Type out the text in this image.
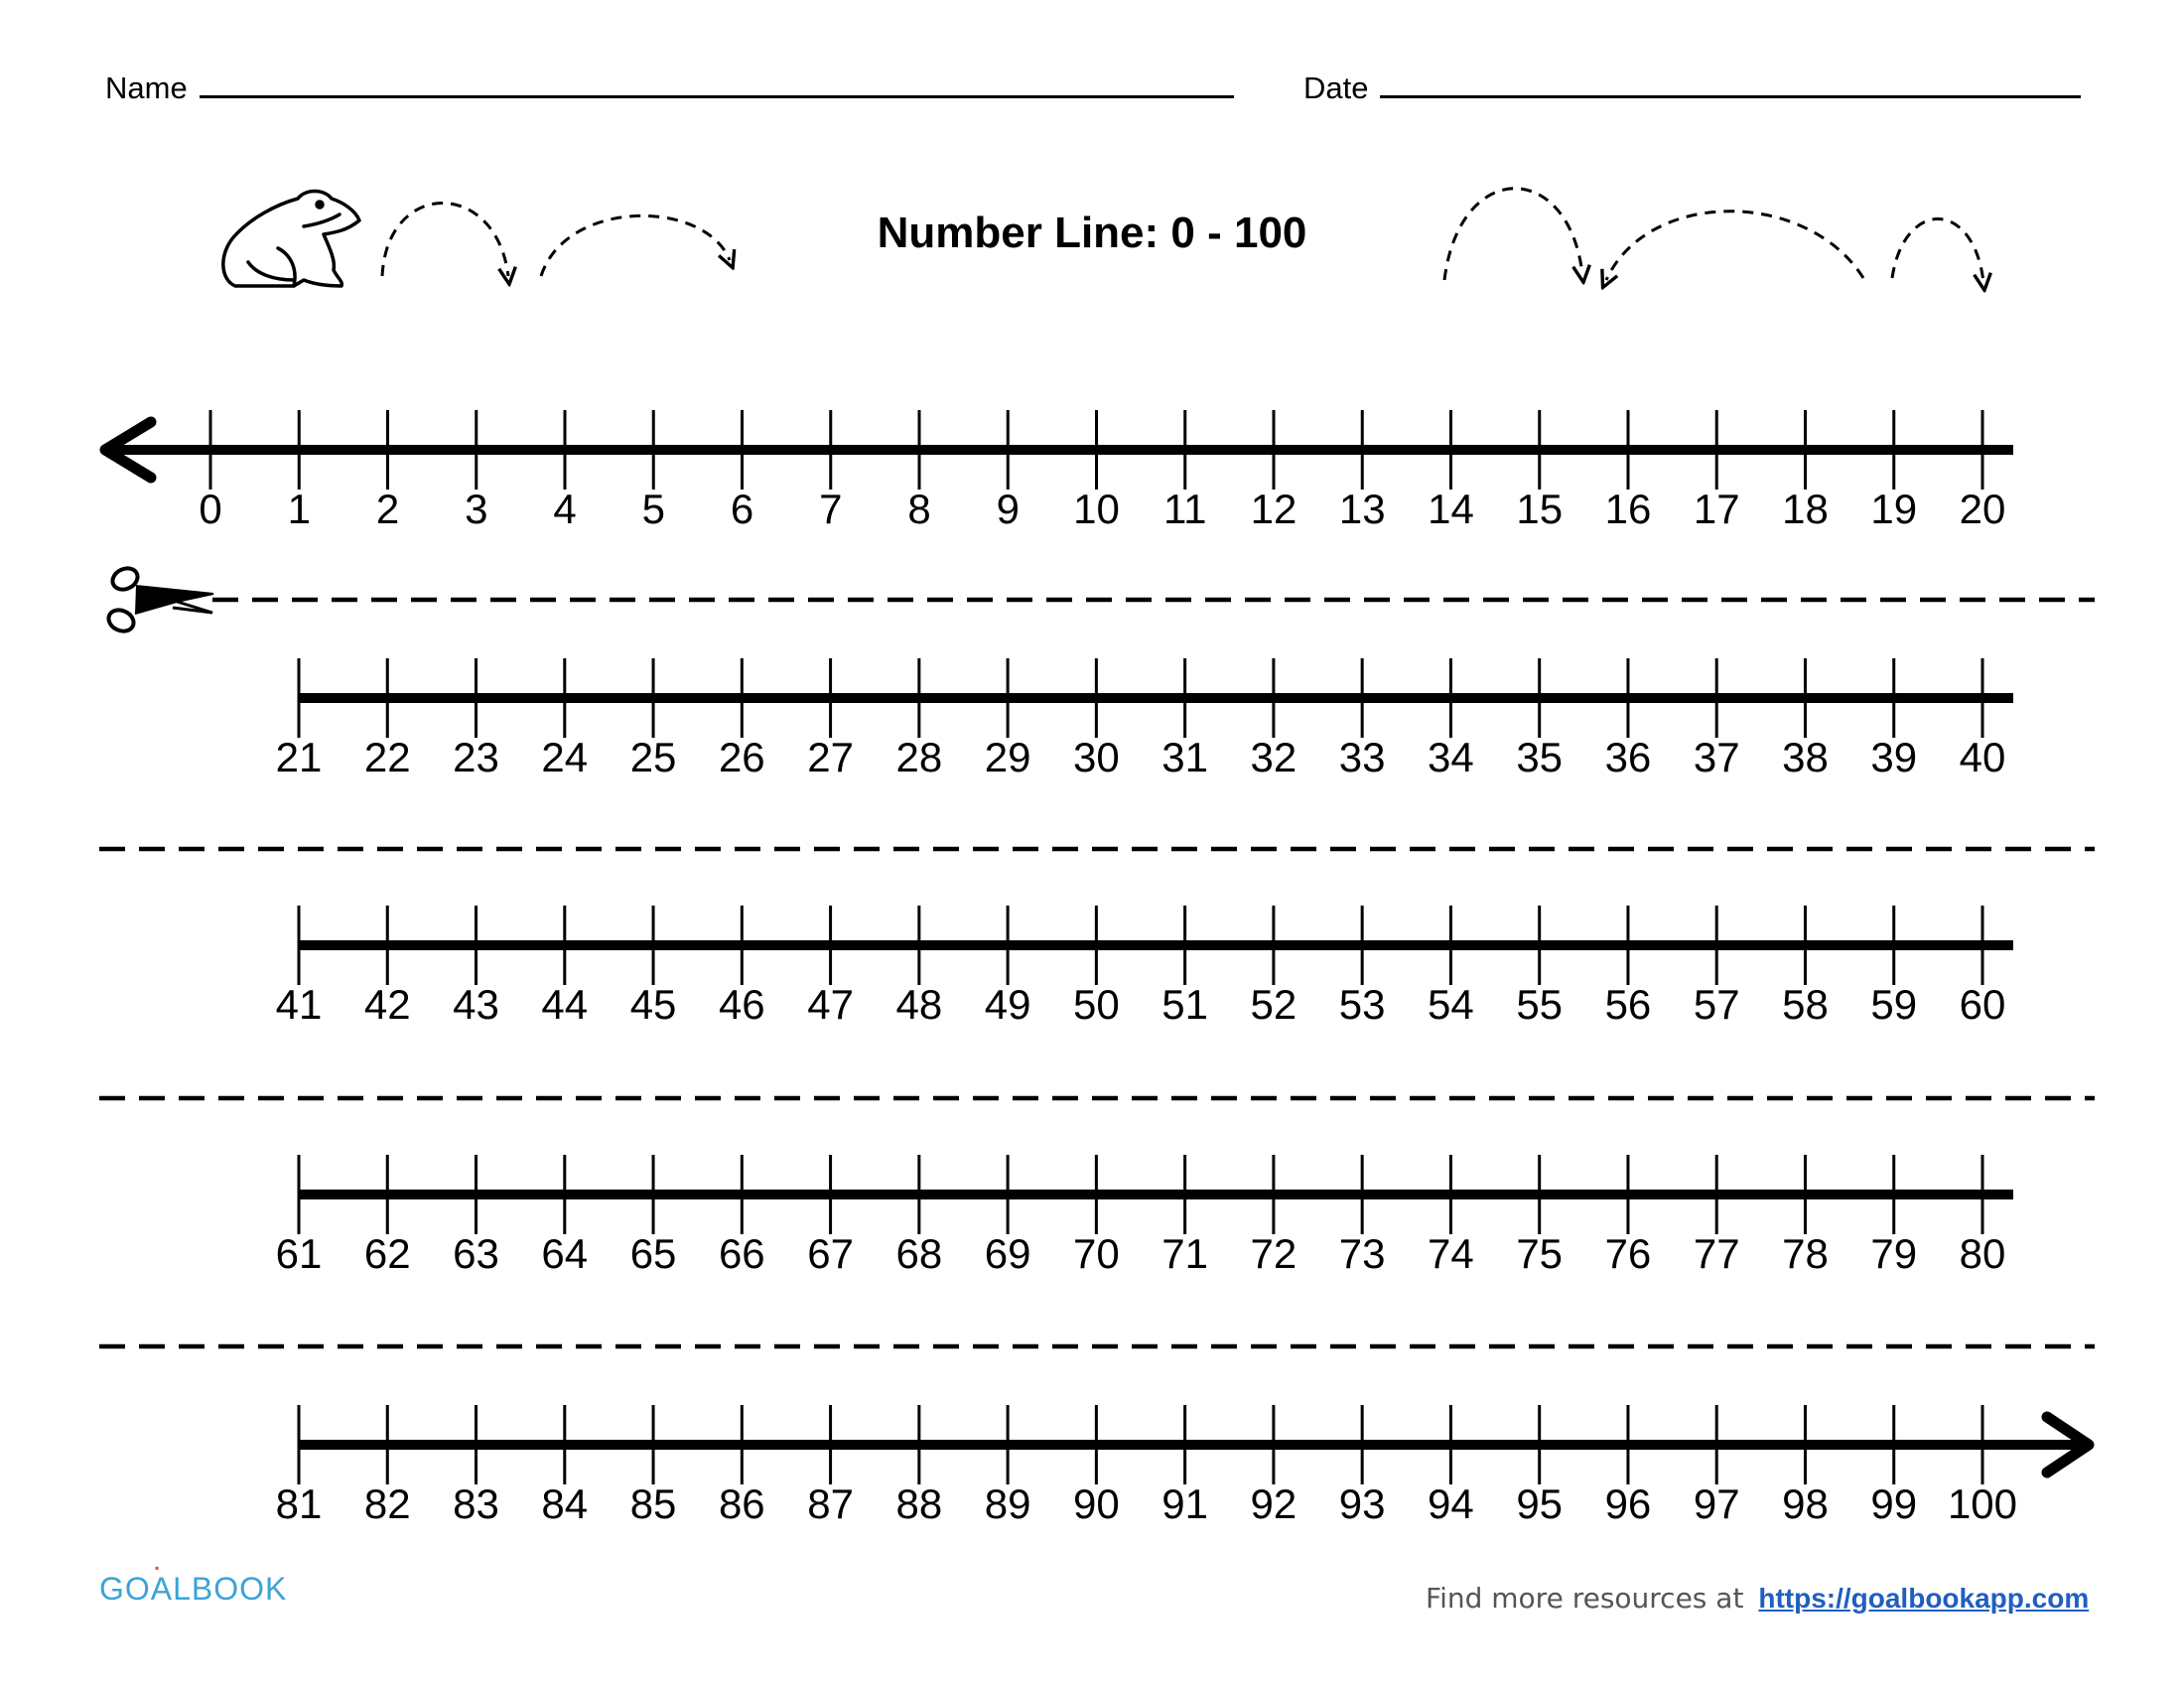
Name	Date
Number Line: 0 - 100
0 1 2 3 4 5 6 7 8 9 10 11 12 13 14 15 16 17 18 19 20
21 22 23 24 25 26 27 28 29 30 31 32 33 34 35 36 37 38 39 40
41 42 43 44 45 46 47 48 49 50 51 52 53 54 55 56 57 58 59 60
61 62 63 64 65 66 67 68 69 70 71 72 73 74 75 76 77 78 79 80
81 82 83 84 85 86 87 88 89 90 91 92 93 94 95 96 97 98 99 100
▪
GOALBOOK	Find more resources at https://goalbookapp.com
